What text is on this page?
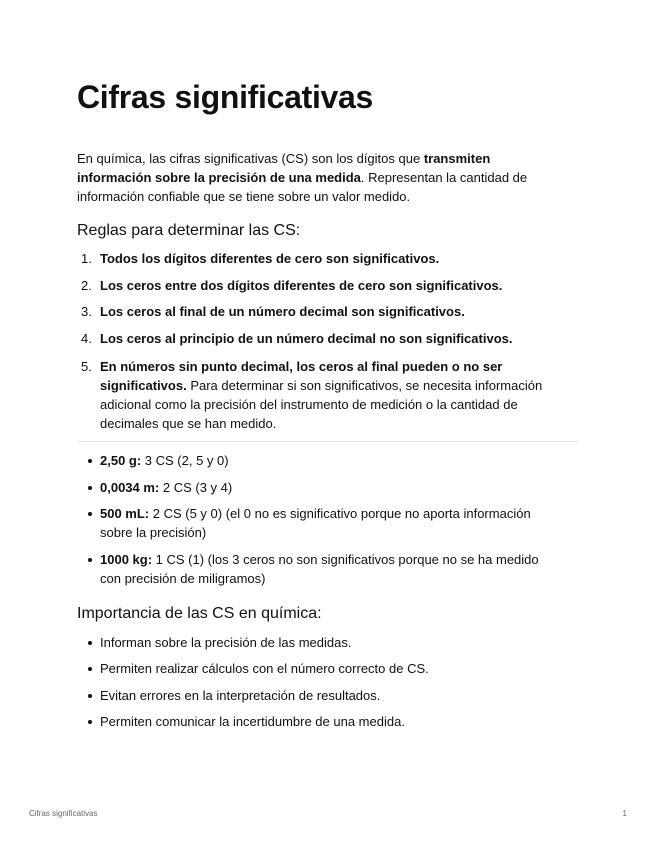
Cifras significativas

En química, las cifras significativas (CS) son los dígitos que transmiten información sobre la precisión de una medida. Representan la cantidad de información confiable que se tiene sobre un valor medido.

Reglas para determinar las CS:
1. Todos los dígitos diferentes de cero son significativos.
2. Los ceros entre dos dígitos diferentes de cero son significativos.
3. Los ceros al final de un número decimal son significativos.
4. Los ceros al principio de un número decimal no son significativos.
5. En números sin punto decimal, los ceros al final pueden o no ser significativos. Para determinar si son significativos, se necesita información adicional como la precisión del instrumento de medición o la cantidad de decimales que se han medido.
2,50 g: 3 CS (2, 5 y 0)
0,0034 m: 2 CS (3 y 4)
500 mL: 2 CS (5 y 0) (el 0 no es significativo porque no aporta información sobre la precisión)
1000 kg: 1 CS (1) (los 3 ceros no son significativos porque no se ha medido con precisión de miligramos)
Importancia de las CS en química:
Informan sobre la precisión de las medidas.
Permiten realizar cálculos con el número correcto de CS.
Evitan errores en la interpretación de resultados.
Permiten comunicar la incertidumbre de una medida.
Cifras significativas	1
